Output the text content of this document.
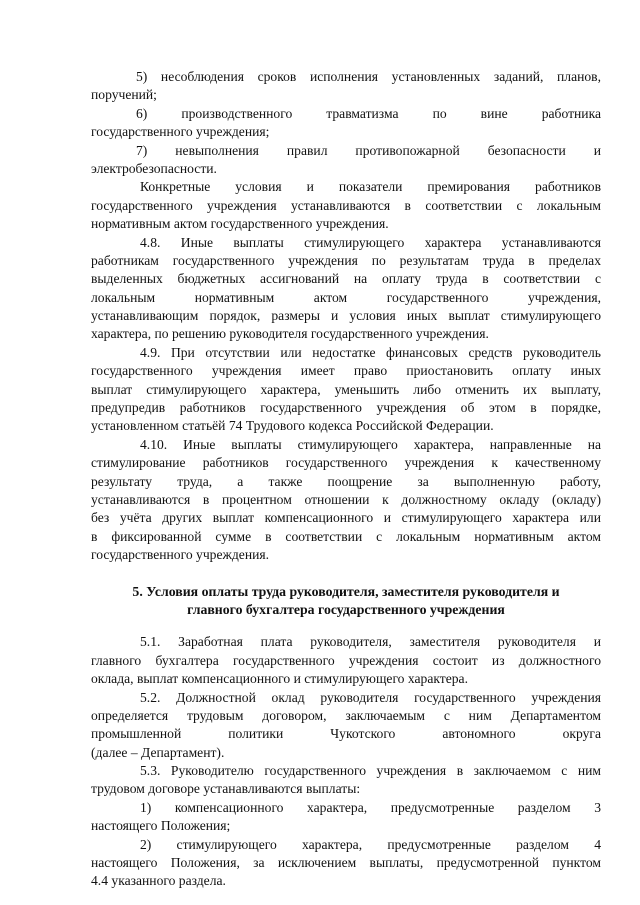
5) несоблюдения сроков исполнения установленных заданий, планов,
поручений;
6) производственного травматизма по вине работника
государственного учреждения;
7) невыполнения правил противопожарной безопасности и
электробезопасности.
Конкретные условия и показатели премирования работников
государственного учреждения устанавливаются в соответствии с локальным
нормативным актом государственного учреждения.
4.8. Иные выплаты стимулирующего характера устанавливаются
работникам государственного учреждения по результатам труда в пределах
выделенных бюджетных ассигнований на оплату труда в соответствии с
локальным нормативным актом государственного учреждения,
устанавливающим порядок, размеры и условия иных выплат стимулирующего
характера, по решению руководителя государственного учреждения.
4.9. При отсутствии или недостатке финансовых средств руководитель
государственного учреждения имеет право приостановить оплату иных
выплат стимулирующего характера, уменьшить либо отменить их выплату,
предупредив работников государственного учреждения об этом в порядке,
установленном статьёй 74 Трудового кодекса Российской Федерации.
4.10. Иные выплаты стимулирующего характера, направленные на
стимулирование работников государственного учреждения к качественному
результату труда, а также поощрение за выполненную работу,
устанавливаются в процентном отношении к должностному окладу (окладу)
без учёта других выплат компенсационного и стимулирующего характера или
в фиксированной сумме в соответствии с локальным нормативным актом
государственного учреждения.
5. Условия оплаты труда руководителя, заместителя руководителя и
главного бухгалтера государственного учреждения
5.1. Заработная плата руководителя, заместителя руководителя и
главного бухгалтера государственного учреждения состоит из должностного
оклада, выплат компенсационного и стимулирующего характера.
5.2. Должностной оклад руководителя государственного учреждения
определяется трудовым договором, заключаемым с ним Департаментом
промышленной политики Чукотского автономного округа
(далее – Департамент).
5.3. Руководителю государственного учреждения в заключаемом с ним
трудовом договоре устанавливаются выплаты:
1) компенсационного характера, предусмотренные разделом 3
настоящего Положения;
2) стимулирующего характера, предусмотренные разделом 4
настоящего Положения, за исключением выплаты, предусмотренной пунктом
4.4 указанного раздела.
